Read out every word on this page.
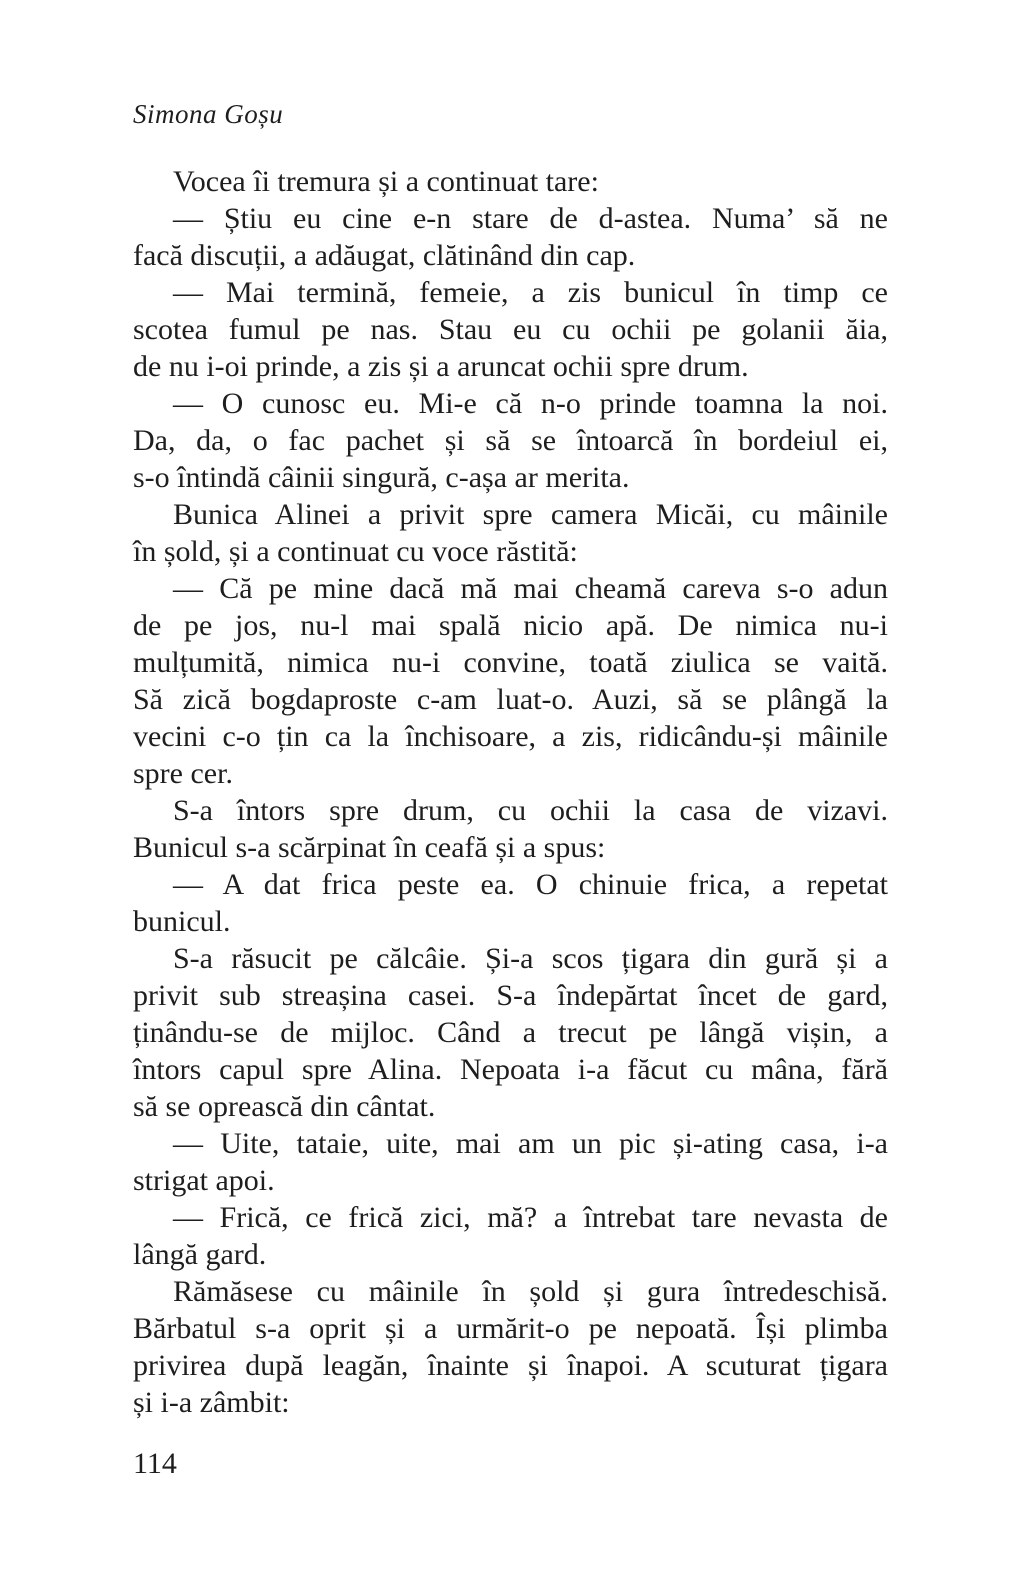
Simona Goșu
Vocea îi tremura și a continuat tare:
— Știu eu cine e-n stare de d-astea. Numa’ să ne
facă discuții, a adăugat, clătinând din cap.
— Mai termină, femeie, a zis bunicul în timp ce
scotea fumul pe nas. Stau eu cu ochii pe golanii ăia,
de nu i-oi prinde, a zis și a aruncat ochii spre drum.
— O cunosc eu. Mi-e că n-o prinde toamna la noi.
Da, da, o fac pachet și să se întoarcă în bordeiul ei,
s-o întindă câinii singură, c-așa ar merita.
Bunica Alinei a privit spre camera Micăi, cu mâinile
în șold, și a continuat cu voce răstită:
— Că pe mine dacă mă mai cheamă careva s-o adun
de pe jos, nu-l mai spală nicio apă. De nimica nu-i
mulțumită, nimica nu-i convine, toată ziulica se vaită.
Să zică bogdaproste c-am luat-o. Auzi, să se plângă la
vecini c-o țin ca la închisoare, a zis, ridicându-și mâinile
spre cer.
S-a întors spre drum, cu ochii la casa de vizavi.
Bunicul s-a scărpinat în ceafă și a spus:
— A dat frica peste ea. O chinuie frica, a repetat
bunicul.
S-a răsucit pe călcâie. Și-a scos țigara din gură și a
privit sub streașina casei. S-a îndepărtat încet de gard,
ținându-se de mijloc. Când a trecut pe lângă vișin, a
întors capul spre Alina. Nepoata i-a făcut cu mâna, fără
să se oprească din cântat.
— Uite, tataie, uite, mai am un pic și-ating casa, i-a
strigat apoi.
— Frică, ce frică zici, mă? a întrebat tare nevasta de
lângă gard.
Rămăsese cu mâinile în șold și gura întredeschisă.
Bărbatul s-a oprit și a urmărit-o pe nepoată. Își plimba
privirea după leagăn, înainte și înapoi. A scuturat țigara
și i-a zâmbit:
114
